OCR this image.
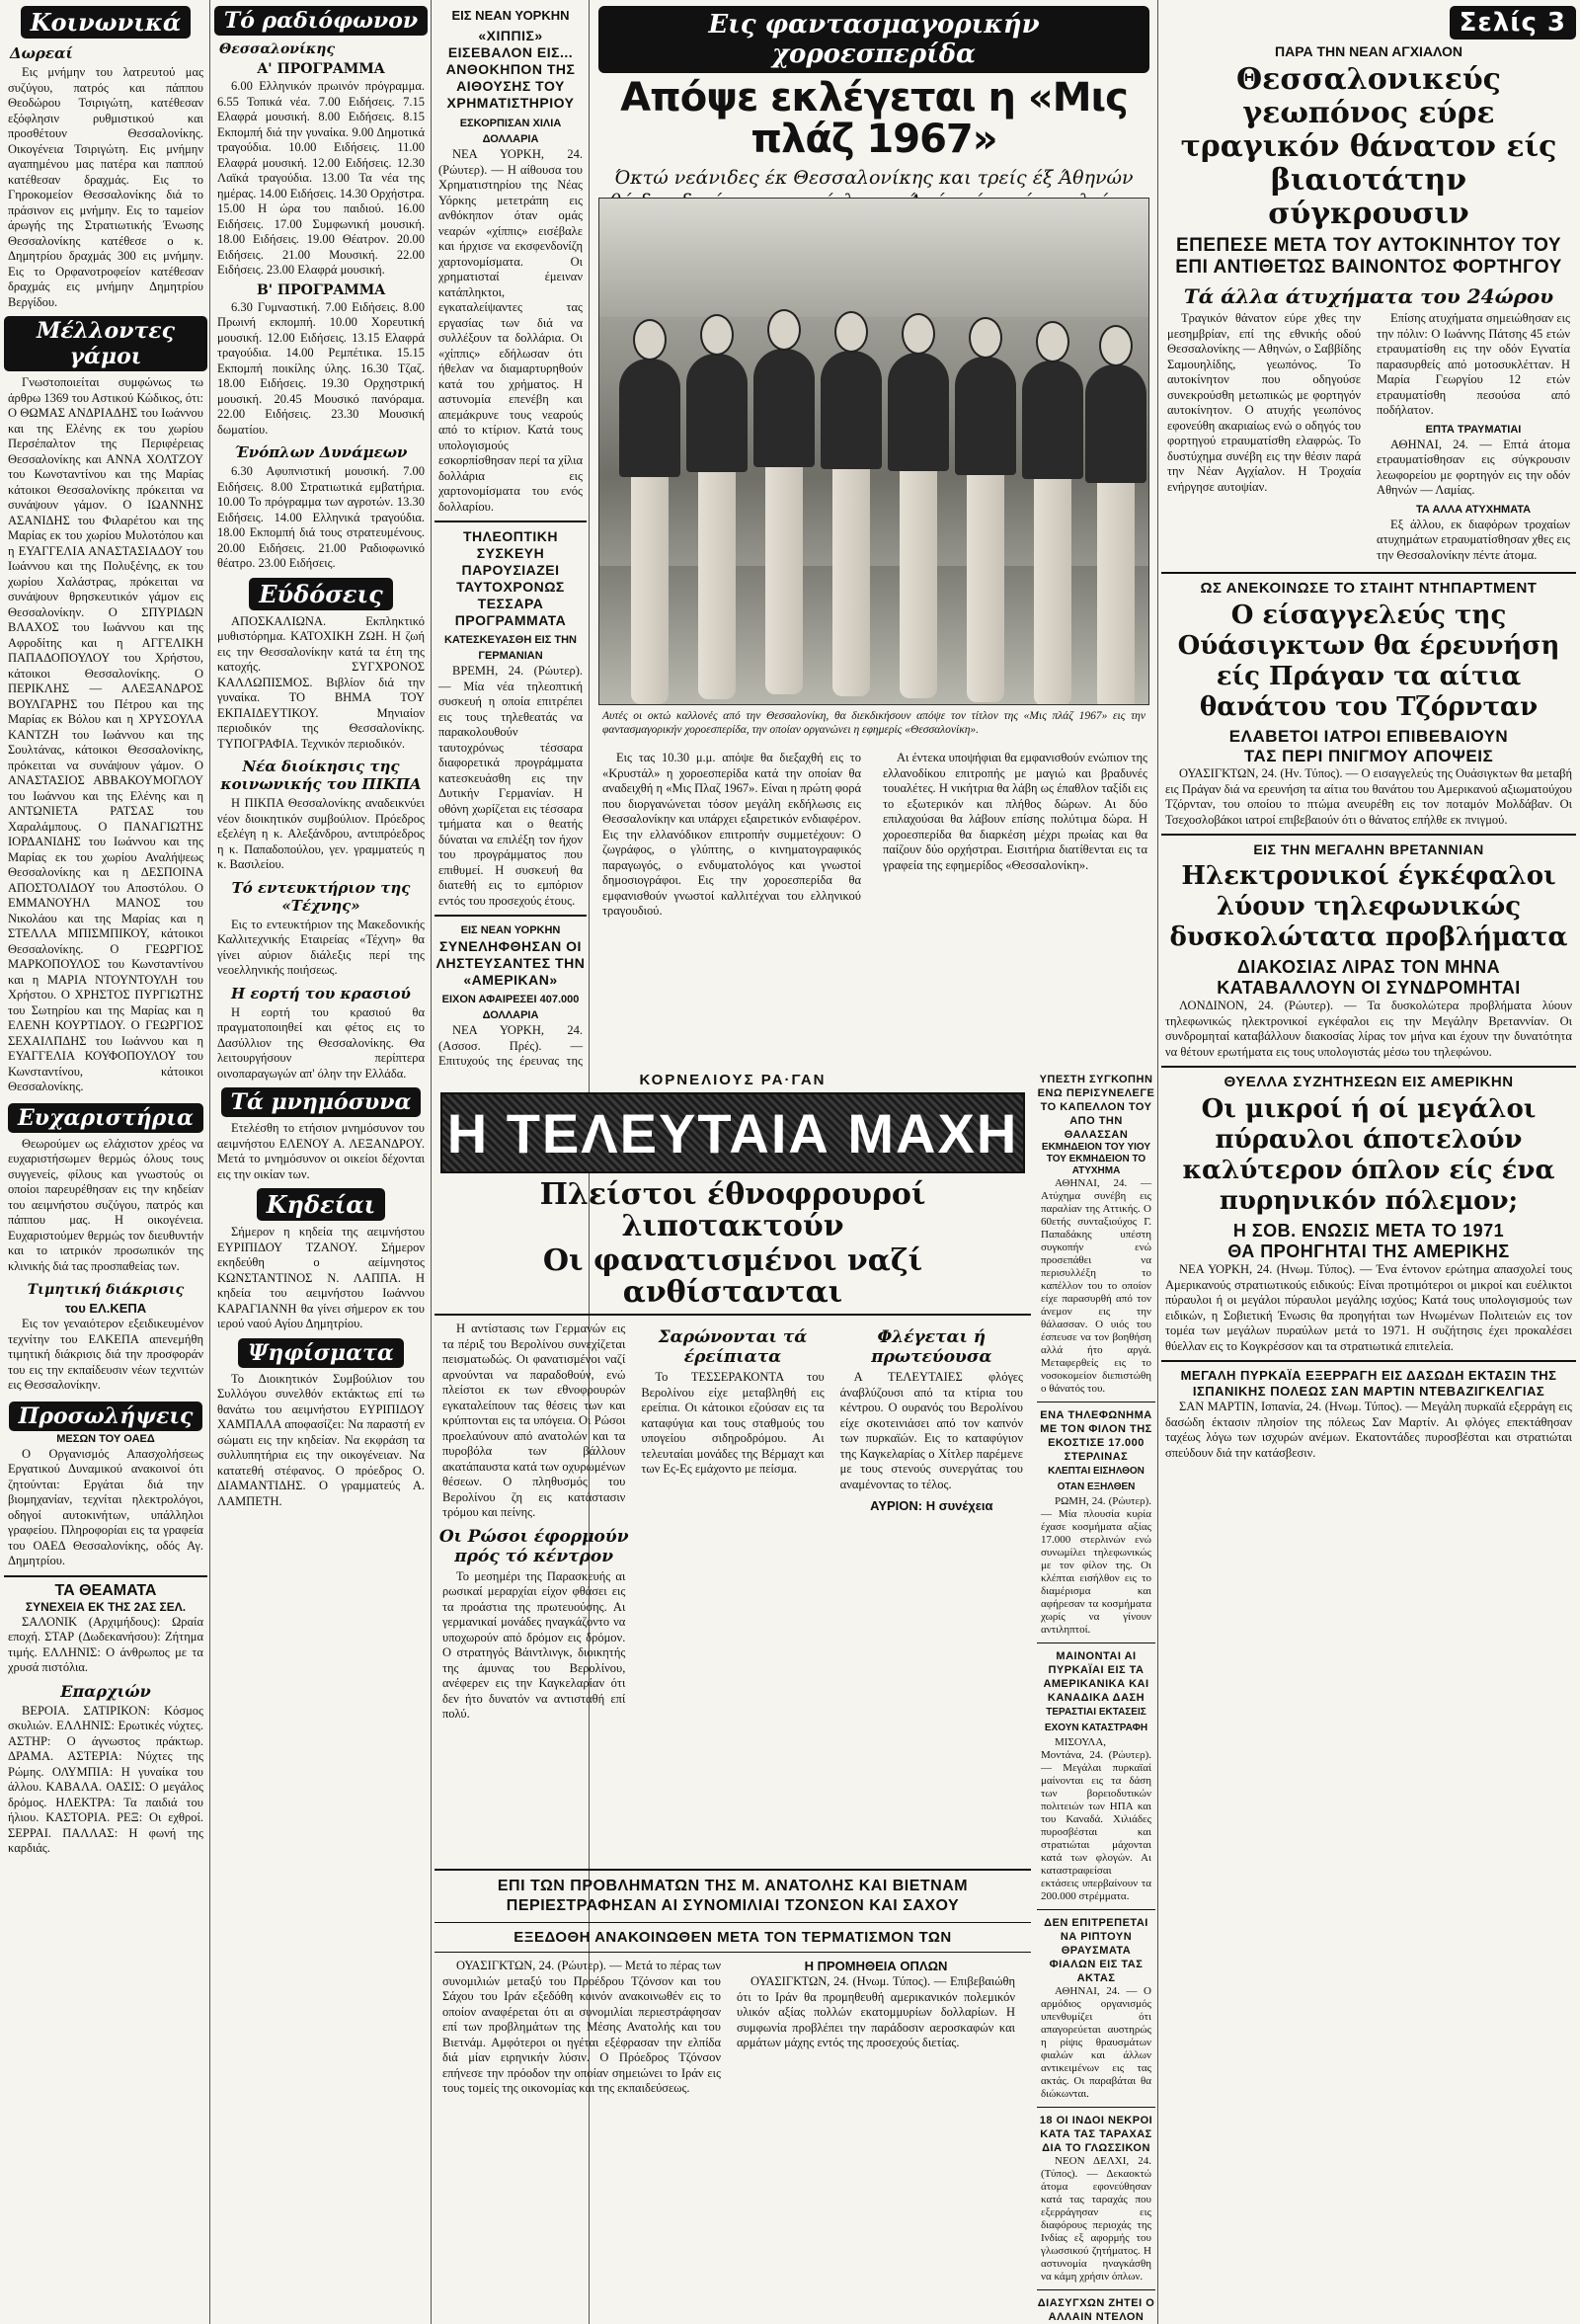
Κοινωνικά
Δωρεαί

Εις μνήμην του λατρευτού μας συζύγου, πατρός και πάππου Θεοδώρου Τσιριγώτη, κατέθεσαν εξόφλησιν ρυθμιστικού και προσθέτουν Θεσσαλονίκης. Οικογένεια Τσιριγώτη. Εις μνήμην αγαπημένου μας πατέρα και παππού κατέθεσαν δραχμάς. Εις το Γηροκομείον Θεσσαλονίκης διά το πράσινον εις μνήμην. Εις το ταμείον άρωγής της Στρατιωτικής Ένωσης Θεσσαλονίκης κατέθεσε ο κ. Δημητρίου δραχμάς 300 εις μνήμην. Εις το Ορφανοτροφείον κατέθεσαν δραχμάς εις μνήμην Δημητρίου Βεργίδου.

Μέλλοντες γάμοι

Γνωστοποιείται συμφώνως τω άρθρω 1369 του Αστικού Κώδικος, ότι: Ο ΘΩΜΑΣ ΑΝΔΡΙΑΔΗΣ του Ιωάννου και της Ελένης εκ του χωρίου Περσέπαλτον της Περιφέρειας Θεσσαλονίκης και ΑΝΝΑ ΧΟΛΤΖΟΥ του Κωνσταντίνου και της Μαρίας κάτοικοι Θεσσαλονίκης πρόκειται να συνάψουν γάμον. Ο ΙΩΑΝΝΗΣ ΑΣΑΝΙΔΗΣ του Φιλαρέτου και της Μαρίας εκ του χωρίου Μυλοτόπου και η ΕΥΑΓΓΕΛΙΑ ΑΝΑΣΤΑΣΙΑΔΟΥ του Ιωάννου και της Πολυξένης, εκ του χωρίου Χαλάστρας, πρόκειται να συνάψουν θρησκευτικόν γάμον εις Θεσσαλονίκην. Ο ΣΠΥΡΙΔΩΝ ΒΛΑΧΟΣ του Ιωάννου και της Αφροδίτης και η ΑΓΓΕΛΙΚΗ ΠΑΠΑΔΟΠΟΥΛΟΥ του Χρήστου, κάτοικοι Θεσσαλονίκης. Ο ΠΕΡΙΚΛΗΣ — ΑΛΕΞΑΝΔΡΟΣ ΒΟΥΛΓΑΡΗΣ του Πέτρου και της Μαρίας εκ Βόλου και η ΧΡΥΣΟΥΛΑ ΚΑΝΤΖΗ του Ιωάννου και της Σουλτάνας, κάτοικοι Θεσσαλονίκης, πρόκειται να συνάψουν γάμον. Ο ΑΝΑΣΤΑΣΙΟΣ ΑΒΒΑΚΟΥΜΟΓΛΟΥ του Ιωάννου και της Ελένης και η ΑΝΤΩΝΙΕΤΑ ΡΑΤΣΑΣ του Χαραλάμπους. Ο ΠΑΝΑΓΙΩΤΗΣ ΙΟΡΔΑΝΙΔΗΣ του Ιωάννου και της Μαρίας εκ του χωρίου Αναλήψεως Θεσσαλονίκης και η ΔΕΣΠΟΙΝΑ ΑΠΟΣΤΟΛΙΔΟΥ του Αποστόλου. Ο ΕΜΜΑΝΟΥΗΛ ΜΑΝΟΣ του Νικολάου και της Μαρίας και η ΣΤΕΛΛΑ ΜΠΙΣΜΠΙΚΟΥ, κάτοικοι Θεσσαλονίκης. Ο ΓΕΩΡΓΙΟΣ ΜΑΡΚΟΠΟΥΛΟΣ του Κωνσταντίνου και η ΜΑΡΙΑ ΝΤΟΥΝΤΟΥΛΗ του Χρήστου. Ο ΧΡΗΣΤΟΣ ΠΥΡΓΙΩΤΗΣ του Σωτηρίου και της Μαρίας και η ΕΛΕΝΗ ΚΟΥΡΤΙΔΟΥ. Ο ΓΕΩΡΓΙΟΣ ΣΕΧΑΙΛΠΔΗΣ του Ιωάννου και η ΕΥΑΓΓΕΛΙΑ ΚΟΥΦΟΠΟΥΛΟΥ του Κωνσταντίνου, κάτοικοι Θεσσαλονίκης.

Ευχαριστήρια

Θεωρούμεν ως ελάχιστον χρέος να ευχαριστήσωμεν θερμώς όλους τους συγγενείς, φίλους και γνωστούς οι οποίοι παρευρέθησαν εις την κηδείαν του αειμνήστου συζύγου, πατρός και πάππου μας. Η οικογένεια. Ευχαριστούμεν θερμώς τον διευθυντήν και το ιατρικόν προσωπικόν της κλινικής διά τας προσπαθείας των.

Τιμητική διάκρισις
του ΕΛ.ΚΕΠΑ

Εις τον γεναιότερον εξειδικευμένον τεχνίτην του ΕΛΚΕΠΑ απενεμήθη τιμητική διάκρισις διά την προσφοράν του εις την εκπαίδευσιν νέων τεχνιτών εις Θεσσαλονίκην.

Προσωλήψεις
ΜΕΣΩΝ ΤΟΥ ΟΑΕΔ

Ο Οργανισμός Απασχολήσεως Εργατικού Δυναμικού ανακοινοί ότι ζητούνται: Εργάται διά την βιομηχανίαν, τεχνίται ηλεκτρολόγοι, οδηγοί αυτοκινήτων, υπάλληλοι γραφείου. Πληροφορίαι εις τα γραφεία του ΟΑΕΔ Θεσσαλονίκης, οδός Αγ. Δημητρίου.

ΤΑ ΘΕΑΜΑΤΑ
ΣΥΝΕΧΕΙΑ ΕΚ ΤΗΣ 2ΑΣ ΣΕΛ.

ΣΑΛΟΝΙΚ (Αρχιμήδους): Ωραία εποχή. ΣΤΑΡ (Δωδεκανήσου): Ζήτημα τιμής. ΕΛΛΗΝΙΣ: Ο άνθρωπος με τα χρυσά πιστόλια.

Επαρχιών

ΒΕΡΟΙΑ. ΣΑΤΙΡΙΚΟΝ: Κόσμος σκυλιών. ΕΛΛΗΝΙΣ: Ερωτικές νύχτες. ΑΣΤΗΡ: Ο άγνωστος πράκτωρ. ΔΡΑΜΑ. ΑΣΤΕΡΙΑ: Νύχτες της Ρώμης. ΟΛΥΜΠΙΑ: Η γυναίκα του άλλου. ΚΑΒΑΛΑ. ΟΑΣΙΣ: Ο μεγάλος δρόμος. ΗΛΕΚΤΡΑ: Τα παιδιά του ήλιου. ΚΑΣΤΟΡΙΑ. ΡΕΞ: Οι εχθροί. ΣΕΡΡΑΙ. ΠΑΛΛΑΣ: Η φωνή της καρδιάς.

Τό ραδιόφωνον
Θεσσαλονίκης
Α' ΠΡΟΓΡΑΜΜΑ

6.00 Ελληνικόν πρωινόν πρόγραμμα. 6.55 Τοπικά νέα. 7.00 Ειδήσεις. 7.15 Ελαφρά μουσική. 8.00 Ειδήσεις. 8.15 Εκπομπή διά την γυναίκα. 9.00 Δημοτικά τραγούδια. 10.00 Ειδήσεις. 11.00 Ελαφρά μουσική. 12.00 Ειδήσεις. 12.30 Λαϊκά τραγούδια. 13.00 Τα νέα της ημέρας. 14.00 Ειδήσεις. 14.30 Ορχήστρα. 15.00 Η ώρα του παιδιού. 16.00 Ειδήσεις. 17.00 Συμφωνική μουσική. 18.00 Ειδήσεις. 19.00 Θέατρον. 20.00 Ειδήσεις. 21.00 Μουσική. 22.00 Ειδήσεις. 23.00 Ελαφρά μουσική.

Β' ΠΡΟΓΡΑΜΜΑ

6.30 Γυμναστική. 7.00 Ειδήσεις. 8.00 Πρωινή εκπομπή. 10.00 Χορευτική μουσική. 12.00 Ειδήσεις. 13.15 Ελαφρά τραγούδια. 14.00 Ρεμπέτικα. 15.15 Εκπομπή ποικίλης ύλης. 16.30 Τζαζ. 18.00 Ειδήσεις. 19.30 Ορχηστρική μουσική. 20.45 Μουσικό πανόραμα. 22.00 Ειδήσεις. 23.30 Μουσική δωματίου.

Ένόπλων Δυνάμεων

6.30 Αφυπνιστική μουσική. 7.00 Ειδήσεις. 8.00 Στρατιωτικά εμβατήρια. 10.00 Το πρόγραμμα των αγροτών. 13.30 Ειδήσεις. 14.00 Ελληνικά τραγούδια. 18.00 Εκπομπή διά τους στρατευμένους. 20.00 Ειδήσεις. 21.00 Ραδιοφωνικό θέατρο. 23.00 Ειδήσεις.

Εύδόσεις

ΑΠΟΣΚΑΛΙΩΝΑ. Εκπληκτικό μυθιστόρημα. ΚΑΤΟΧΙΚΗ ΖΩΗ. Η ζωή εις την Θεσσαλονίκην κατά τα έτη της κατοχής. ΣΥΓΧΡΟΝΟΣ ΚΑΛΛΩΠΙΣΜΟΣ. Βιβλίον διά την γυναίκα. ΤΟ ΒΗΜΑ ΤΟΥ ΕΚΠΑΙΔΕΥΤΙΚΟΥ. Μηνιαίον περιοδικόν της Θεσσαλονίκης. ΤΥΠΟΓΡΑΦΙΑ. Τεχνικόν περιοδικόν.

Νέα διοίκησις της κοινωνικής του ΠΙΚΠΑ

Η ΠΙΚΠΑ Θεσσαλονίκης αναδεικνύει νέον διοικητικόν συμβούλιον. Πρόεδρος εξελέγη η κ. Αλεξάνδρου, αντιπρόεδρος η κ. Παπαδοπούλου, γεν. γραμματεύς η κ. Βασιλείου.

Τό εντευκτήριον της «Τέχνης»

Εις το εντευκτήριον της Μακεδονικής Καλλιτεχνικής Εταιρείας «Τέχνη» θα γίνει αύριον διάλεξις περί της νεοελληνικής ποιήσεως.

Η εορτή του κρασιού

Η εορτή του κρασιού θα πραγματοποιηθεί και φέτος εις το Δασύλλιον της Θεσσαλονίκης. Θα λειτουργήσουν περίπτερα οινοπαραγωγών απ' όλην την Ελλάδα.

Τά μνημόσυνα

Ετελέσθη το ετήσιον μνημόσυνον του αειμνήστου ΕΛΕΝΟΥ Α. ΛΕΞΑΝΔΡΟΥ. Μετά το μνημόσυνον οι οικείοι δέχονται εις την οικίαν των.

Κηδείαι

Σήμερον η κηδεία της αειμνήστου ΕΥΡΙΠΙΔΟΥ ΤΖΑΝΟΥ. Σήμερον εκηδεύθη ο αείμνηστος ΚΩΝΣΤΑΝΤΙΝΟΣ Ν. ΛΑΠΠΑ. Η κηδεία του αειμνήστου Ιωάννου ΚΑΡΑΓΙΑΝΝΗ θα γίνει σήμερον εκ του ιερού ναού Αγίου Δημητρίου.

Ψηφίσματα

Το Διοικητικόν Συμβούλιον του Συλλόγου συνελθόν εκτάκτως επί τω θανάτω του αειμνήστου ΕΥΡΙΠΙΔΟΥ ΧΑΜΠΑΛΑ αποφασίζει: Να παραστή εν σώματι εις την κηδείαν. Να εκφράση τα συλλυπητήρια εις την οικογένειαν. Να κατατεθή στέφανος. Ο πρόεδρος Ο. ΔΙΑΜΑΝΤΙΔΗΣ. Ο γραμματεύς Α. ΛΑΜΠΕΤΗ.

ΕΙΣ ΝΕΑΝ ΥΟΡΚΗΝ
«ΧΙΠΠΙΣ» ΕΙΣΕΒΑΛΟΝ ΕΙΣ... ΑΝΘΟΚΗΠΟΝ ΤΗΣ ΑΙΘΟΥΣΗΣ ΤΟΥ ΧΡΗΜΑΤΙΣΤΗΡΙΟΥ
ΕΣΚΟΡΠΙΣΑΝ ΧΙΛΙΑ ΔΟΛΛΑΡΙΑ

ΝΕΑ ΥΟΡΚΗ, 24. (Ρώυτερ). — Η αίθουσα του Χρηματιστηρίου της Νέας Υόρκης μετετράπη εις ανθόκηπον όταν ομάς νεαρών «χίππις» εισέβαλε και ήρχισε να εκσφενδονίζη χαρτονομίσματα. Οι χρηματισταί έμειναν κατάπληκτοι, εγκαταλείψαντες τας εργασίας των διά να συλλέξουν τα δολλάρια. Οι «χίππις» εδήλωσαν ότι ήθελαν να διαμαρτυρηθούν κατά του χρήματος. Η αστυνομία επενέβη και απεμάκρυνε τους νεαρούς από το κτίριον. Κατά τους υπολογισμούς εσκορπίσθησαν περί τα χίλια δολλάρια εις χαρτονομίσματα του ενός δολλαρίου.

ΤΗΛΕΟΠΤΙΚΗ ΣΥΣΚΕΥΗ ΠΑΡΟΥΣΙΑΖΕΙ ΤΑΥΤΟΧΡΟΝΩΣ ΤΕΣΣΑΡΑ ΠΡΟΓΡΑΜΜΑΤΑ
ΚΑΤΕΣΚΕΥΑΣΘΗ ΕΙΣ ΤΗΝ ΓΕΡΜΑΝΙΑΝ

ΒΡΕΜΗ, 24. (Ρώυτερ). — Μία νέα τηλεοπτική συσκευή η οποία επιτρέπει εις τους τηλεθεατάς να παρακολουθούν ταυτοχρόνως τέσσαρα διαφορετικά προγράμματα κατεσκευάσθη εις την Δυτικήν Γερμανίαν. Η οθόνη χωρίζεται εις τέσσαρα τμήματα και ο θεατής δύναται να επιλέξη τον ήχον του προγράμματος που επιθυμεί. Η συσκευή θα διατεθή εις το εμπόριον εντός του προσεχούς έτους.

ΕΙΣ ΝΕΑΝ ΥΟΡΚΗΝ
ΣΥΝΕΛΗΦΘΗΣΑΝ ΟΙ ΛΗΣΤΕΥΣΑΝΤΕΣ ΤΗΝ «ΑΜΕΡΙΚΑΝ»
ΕΙΧΟΝ ΑΦΑΙΡΕΣΕΙ 407.000 ΔΟΛΛΑΡΙΑ

ΝΕΑ ΥΟΡΚΗ, 24. (Ασσοσ. Πρές). — Επιτυχούς της έρευνας της

Εις φαντασμαγορικήν χοροεσπερίδα
Απόψε εκλέγεται η «Μις πλάζ 1967»
Όκτώ νεάνιδες έκ Θεσσαλονίκης και τρείς έξ Άθηνών
Αυτές οι οκτώ καλλονές από την Θεσσαλονίκη, θα διεκδικήσουν απόψε τον τίτλον της «Μις πλάζ 1967» εις την φαντασμαγορικήν χοροεσπερίδα, την οποίαν οργανώνει η εφημερίς «Θεσσαλονίκη».

Εις τας 10.30 μ.μ. απόψε θα διεξαχθή εις το «Κρυστάλ» η χοροεσπερίδα κατά την οποίαν θα αναδειχθή η «Μις Πλαζ 1967». Είναι η πρώτη φορά που διοργανώνεται τόσον μεγάλη εκδήλωσις εις Θεσσαλονίκην και υπάρχει εξαιρετικόν ενδιαφέρον. Εις την ελλανόδικον επιτροπήν συμμετέχουν: Ο ζωγράφος, ο γλύπτης, ο κινηματογραφικός παραγωγός, ο ενδυματολόγος και γνωστοί δημοσιογράφοι. Εις την χοροεσπερίδα θα εμφανισθούν γνωστοί καλλιτέχναι του ελληνικού τραγουδιού.

Αι έντεκα υποψήφιαι θα εμφανισθούν ενώπιον της ελλανοδίκου επιτροπής με μαγιώ και βραδυνές τουαλέτες. Η νικήτρια θα λάβη ως έπαθλον ταξίδι εις το εξωτερικόν και πλήθος δώρων. Αι δύο επιλαχούσαι θα λάβουν επίσης πολύτιμα δώρα. Η χοροεσπερίδα θα διαρκέση μέχρι πρωίας και θα παίζουν δύο ορχήστραι. Εισιτήρια διατίθενται εις τα γραφεία της εφημερίδος «Θεσσαλονίκη».

ΚΟΡΝΕΛΙΟΥΣ ΡΑ·ΓΑΝ
Η ΤΕΛΕΥΤΑΙΑ ΜΑΧΗ
Πλείστοι έθνοφρουροί λιποτακτούν
Οι φανατισμένοι ναζί ανθίστανται

Η αντίστασις των Γερμανών εις τα πέριξ του Βερολίνου συνεχίζεται πεισματωδώς. Οι φανατισμένοι ναζί αρνούνται να παραδοθούν, ενώ πλείστοι εκ των εθνοφρουρών εγκαταλείπουν τας θέσεις των και κρύπτονται εις τα υπόγεια. Οι Ρώσοι προελαύνουν από ανατολών και τα πυροβόλα των βάλλουν ακατάπαυστα κατά των οχυρωμένων θέσεων. Ο πληθυσμός του Βερολίνου ζη εις κατάστασιν τρόμου και πείνης.

Οι Ρώσοι έφορμούν πρός τό κέντρον

Το μεσημέρι της Παρασκευής αι ρωσικαί μεραρχίαι είχον φθάσει εις τα προάστια της πρωτευούσης. Αι γερμανικαί μονάδες ηναγκάζοντο να υποχωρούν από δρόμον εις δρόμον. Ο στρατηγός Βάιντλινγκ, διοικητής της άμυνας του Βερολίνου, ανέφερεν εις την Καγκελαρίαν ότι δεν ήτο δυνατόν να αντισταθή επί πολύ.

Σαρώνονται τά έρείπιατα

Το ΤΕΣΣΕΡΑΚΟΝΤΑ του Βερολίνου είχε μεταβληθή εις ερείπια. Οι κάτοικοι εζούσαν εις τα καταφύγια και τους σταθμούς του υπογείου σιδηροδρόμου. Αι τελευταίαι μονάδες της Βέρμαχτ και των Ες-Ες εμάχοντο με πείσμα.

Φλέγεται ή πρωτεύουσα

Α ΤΕΛΕΥΤΑΙΕΣ φλόγες άναβλύζουσι από τα κτίρια του κέντρου. Ο ουρανός του Βερολίνου είχε σκοτεινιάσει από τον καπνόν των πυρκαϊών. Εις το καταφύγιον της Καγκελαρίας ο Χίτλερ παρέμενε με τους στενούς συνεργάτας του αναμένοντας το τέλος.

ΑΥΡΙΟΝ: Η συνέχεια
ΕΠΙ ΤΩΝ ΠΡΟΒΛΗΜΑΤΩΝ ΤΗΣ Μ. ΑΝΑΤΟΛΗΣ ΚΑΙ ΒΙΕΤΝΑΜ ΠΕΡΙΕΣΤΡΑΦΗΣΑΝ ΑΙ ΣΥΝΟΜΙΛΙΑΙ ΤΖΟΝΣΟΝ ΚΑΙ ΣΑΧΟΥ
ΕΞΕΔΟΘΗ ΑΝΑΚΟΙΝΩΘΕΝ ΜΕΤΑ ΤΟΝ ΤΕΡΜΑΤΙΣΜΟΝ ΤΩΝ

ΟΥΑΣΙΓΚΤΩΝ, 24. (Ρώυτερ). — Μετά το πέρας των συνομιλιών μεταξύ του Προέδρου Τζόνσον και του Σάχου του Ιράν εξεδόθη κοινόν ανακοινωθέν εις το οποίον αναφέρεται ότι αι συνομιλίαι περιεστράφησαν επί των προβλημάτων της Μέσης Ανατολής και του Βιετνάμ. Αμφότεροι οι ηγέται εξέφρασαν την ελπίδα διά μίαν ειρηνικήν λύσιν. Ο Πρόεδρος Τζόνσον επήνεσε την πρόοδον την οποίαν σημειώνει το Ιράν εις τους τομείς της οικονομίας και της εκπαιδεύσεως.

Η ΠΡΟΜΗΘΕΙΑ ΟΠΛΩΝ

ΟΥΑΣΙΓΚΤΩΝ, 24. (Ηνωμ. Τύπος). — Επιβεβαιώθη ότι το Ιράν θα προμηθευθή αμερικανικόν πολεμικόν υλικόν αξίας πολλών εκατομμυρίων δολλαρίων. Η συμφωνία προβλέπει την παράδοσιν αεροσκαφών και αρμάτων μάχης εντός της προσεχούς διετίας.

ΥΠΕΣΤΗ ΣΥΓΚΟΠΗΝ ΕΝΩ ΠΕΡΙΣΥΝΕΛΕΓΕ ΤΟ ΚΑΠΕΛΛΟΝ ΤΟΥ ΑΠΟ ΤΗΝ ΘΑΛΑΣΣΑΝ
ΕΚΜΗΔΕΙΟΝ ΤΟΥ ΥΙΟΥ ΤΟΥ ΕΚΜΗΔΕΙΟΝ ΤΟ ΑΤΥΧΗΜΑ

ΑΘΗΝΑΙ, 24. — Ατύχημα συνέβη εις παραλίαν της Αττικής. Ο 60ετής συνταξιούχος Γ. Παπαδάκης υπέστη συγκοπήν ενώ προσεπάθει να περισυλλέξη το καπέλλον του το οποίον είχε παρασυρθή από τον άνεμον εις την θάλασσαν. Ο υιός του έσπευσε να τον βοηθήση αλλά ήτο αργά. Μεταφερθείς εις το νοσοκομείον διεπιστώθη ο θάνατός του.

ΕΝΑ ΤΗΛΕΦΩΝΗΜΑ ΜΕ ΤΟΝ ΦΙΛΟΝ ΤΗΣ ΕΚΟΣΤΙΣΕ 17.000 ΣΤΕΡΛΙΝΑΣ
ΚΛΕΠΤΑΙ ΕΙΣΗΛΘΟΝ ΟΤΑΝ ΕΞΗΛΘΕΝ

ΡΩΜΗ, 24. (Ρώυτερ). — Μία πλουσία κυρία έχασε κοσμήματα αξίας 17.000 στερλινών ενώ συνωμίλει τηλεφωνικώς με τον φίλον της. Οι κλέπται εισήλθον εις το διαμέρισμα και αφήρεσαν τα κοσμήματα χωρίς να γίνουν αντιληπτοί.

ΜΑΙΝΟΝΤΑΙ ΑΙ ΠΥΡΚΑΪΑΙ ΕΙΣ ΤΑ ΑΜΕΡΙΚΑΝΙΚΑ ΚΑΙ ΚΑΝΑΔΙΚΑ ΔΑΣΗ
ΤΕΡΑΣΤΙΑΙ ΕΚΤΑΣΕΙΣ ΕΧΟΥΝ ΚΑΤΑΣΤΡΑΦΗ

ΜΙΣΟΥΛΑ, Μοντάνα, 24. (Ρώυτερ). — Μεγάλαι πυρκαϊαί μαίνονται εις τα δάση των βορειοδυτικών πολιτειών των ΗΠΑ και του Καναδά. Χιλιάδες πυροσβέσται και στρατιώται μάχονται κατά των φλογών. Αι καταστραφείσαι εκτάσεις υπερβαίνουν τα 200.000 στρέμματα.

ΔΕΝ ΕΠΙΤΡΕΠΕΤΑΙ ΝΑ ΡΙΠΤΟΥΝ ΘΡΑΥΣΜΑΤΑ ΦΙΑΛΩΝ ΕΙΣ ΤΑΣ ΑΚΤΑΣ

ΑΘΗΝΑΙ, 24. — Ο αρμόδιος οργανισμός υπενθυμίζει ότι απαγορεύεται αυστηρώς η ρίψις θραυσμάτων φιαλών και άλλων αντικειμένων εις τας ακτάς. Οι παραβάται θα διώκωνται.

18 ΟΙ ΙΝΔΟΙ ΝΕΚΡΟΙ ΚΑΤΑ ΤΑΣ ΤΑΡΑΧΑΣ ΔΙΑ ΤΟ ΓΛΩΣΣΙΚΟΝ

ΝΕΟΝ ΔΕΛΧΙ, 24. (Τύπος). — Δεκαοκτώ άτομα εφονεύθησαν κατά τας ταραχάς που εξερράγησαν εις διαφόρους περιοχάς της Ινδίας εξ αφορμής του γλωσσικού ζητήματος. Η αστυνομία ηναγκάσθη να κάμη χρήσιν όπλων.

ΔΙΑΣΥΓΧΩΝ ΖΗΤΕΙ Ο ΑΛΛΑΙΝ ΝΤΕΛΟΝ

Σελίς 3
ΠΑΡΑ ΤΗΝ ΝΕΑΝ ΑΓΧΙΑΛΟΝ
Θεσσαλονικεύς γεωπόνος εύρε τραγικόν θάνατον είς βιαιοτάτην σύγκρουσιν
ΕΠΕΠΕΣΕ ΜΕΤΑ ΤΟΥ ΑΥΤΟΚΙΝΗΤΟΥ ΤΟΥ
ΕΠΙ ΑΝΤΙΘΕΤΩΣ ΒΑΙΝΟΝΤΟΣ ΦΟΡΤΗΓΟΥ
Τά άλλα άτυχήματα του 24ώρου

Τραγικόν θάνατον εύρε χθες την μεσημβρίαν, επί της εθνικής οδού Θεσσαλονίκης — Αθηνών, ο Σαββίδης Σαμουηλίδης, γεωπόνος. Το αυτοκίνητον που οδηγούσε συνεκρούσθη μετωπικώς με φορτηγόν αυτοκίνητον. Ο ατυχής γεωπόνος εφονεύθη ακαριαίως ενώ ο οδηγός του φορτηγού ετραυματίσθη ελαφρώς. Το δυστύχημα συνέβη εις την θέσιν παρά την Νέαν Αγχίαλον. Η Τροχαία ενήργησε αυτοψίαν.

Επίσης ατυχήματα σημειώθησαν εις την πόλιν: Ο Ιωάννης Πάτσης 45 ετών ετραυματίσθη εις την οδόν Εγνατία παρασυρθείς από μοτοσυκλέτταν. Η Μαρία Γεωργίου 12 ετών ετραυματίσθη πεσούσα από ποδήλατον.

ΕΠΤΑ ΤΡΑΥΜΑΤΙΑΙ

ΑΘΗΝΑΙ, 24. — Επτά άτομα ετραυματίσθησαν εις σύγκρουσιν λεωφορείου με φορτηγόν εις την οδόν Αθηνών — Λαμίας.

ΤΑ ΑΛΛΑ ΑΤΥΧΗΜΑΤΑ

Εξ άλλου, εκ διαφόρων τροχαίων ατυχημάτων ετραυματίσθησαν χθες εις την Θεσσαλονίκην πέντε άτομα.

ΩΣ ΑΝΕΚΟΙΝΩΣΕ ΤΟ ΣΤΑΙΗΤ ΝΤΗΠΑΡΤΜΕΝΤ
Ο είσαγγελεύς της Ούάσιγκτων θα έρευνήση είς Πράγαν τα αίτια θανάτου του Τζόρνταν
ΕΛΑΒΕΤΟΙ ΙΑΤΡΟΙ ΕΠΙΒΕΒΑΙΟΥΝ
ΤΑΣ ΠΕΡΙ ΠΝΙΓΜΟΥ ΑΠΟΨΕΙΣ

ΟΥΑΣΙΓΚΤΩΝ, 24. (Ην. Τύπος). — Ο εισαγγελεύς της Ουάσιγκτων θα μεταβή εις Πράγαν διά να ερευνήση τα αίτια του θανάτου του Αμερικανού αξιωματούχου Τζόρνταν, του οποίου το πτώμα ανευρέθη εις τον ποταμόν Μολδάβαν. Οι Τσεχοσλοβάκοι ιατροί επιβεβαιούν ότι ο θάνατος επήλθε εκ πνιγμού.

ΕΙΣ ΤΗΝ ΜΕΓΑΛΗΝ ΒΡΕΤΑΝΝΙΑΝ
Ηλεκτρονικοί έγκέφαλοι λύουν τηλεφωνικώς δυσκολώτατα προβλήματα
ΔΙΑΚΟΣΙΑΣ ΛΙΡΑΣ ΤΟΝ ΜΗΝΑ
ΚΑΤΑΒΑΛΛΟΥΝ ΟΙ ΣΥΝΔΡΟΜΗΤΑΙ

ΛΟΝΔΙΝΟΝ, 24. (Ρώυτερ). — Τα δυσκολώτερα προβλήματα λύουν τηλεφωνικώς ηλεκτρονικοί εγκέφαλοι εις την Μεγάλην Βρεταννίαν. Οι συνδρομηταί καταβάλλουν διακοσίας λίρας τον μήνα και έχουν την δυνατότητα να θέτουν ερωτήματα εις τους υπολογιστάς μέσω του τηλεφώνου.

ΘΥΕΛΛΑ ΣΥΖΗΤΗΣΕΩΝ ΕΙΣ ΑΜΕΡΙΚΗΝ
Οι μικροί ή οί μεγάλοι πύραυλοι άποτελούν καλύτερον όπλον είς ένα πυρηνικόν πόλεμον;
Η ΣΟΒ. ΕΝΩΣΙΣ ΜΕΤΑ ΤΟ 1971
ΘΑ ΠΡΟΗΓΗΤΑΙ ΤΗΣ ΑΜΕΡΙΚΗΣ

ΝΕΑ ΥΟΡΚΗ, 24. (Ηνωμ. Τύπος). — Ένα έντονον ερώτημα απασχολεί τους Αμερικανούς στρατιωτικούς ειδικούς: Είναι προτιμότεροι οι μικροί και ευέλικτοι πύραυλοι ή οι μεγάλοι πύραυλοι μεγάλης ισχύος; Κατά τους υπολογισμούς των ειδικών, η Σοβιετική Ένωσις θα προηγήται των Ηνωμένων Πολιτειών εις τον τομέα των μεγάλων πυραύλων μετά το 1971. Η συζήτησις έχει προκαλέσει θύελλαν εις το Κογκρέσσον και τα στρατιωτικά επιτελεία.

ΜΕΓΑΛΗ ΠΥΡΚΑΪΑ ΕΞΕΡΡΑΓΗ ΕΙΣ ΔΑΣΩΔΗ ΕΚΤΑΣΙΝ ΤΗΣ ΙΣΠΑΝΙΚΗΣ ΠΟΛΕΩΣ ΣΑΝ ΜΑΡΤΙΝ ΝΤΕΒΑΖΙΓΚΕΛΓΙΑΣ

ΣΑΝ ΜΑΡΤΙΝ, Ισπανία, 24. (Ηνωμ. Τύπος). — Μεγάλη πυρκαϊά εξερράγη εις δασώδη έκτασιν πλησίον της πόλεως Σαν Μαρτίν. Αι φλόγες επεκτάθησαν ταχέως λόγω των ισχυρών ανέμων. Εκατοντάδες πυροσβέσται και στρατιώται σπεύδουν διά την κατάσβεσιν.
